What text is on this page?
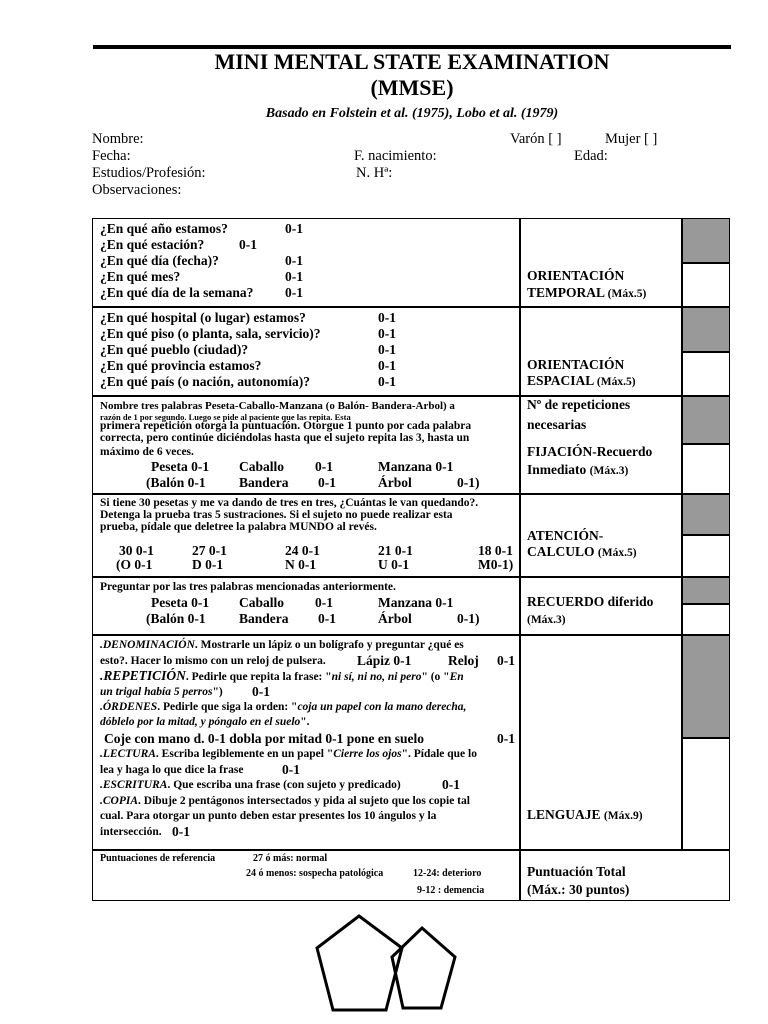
MINI MENTAL STATE EXAMINATION
(MMSE)
Basado en Folstein et al. (1975), Lobo et al. (1979)
Nombre:	Varón [ ]	Mujer [ ]
Fecha:	F. nacimiento:	Edad:
Estudios/Profesión:	N. Hª:
Observaciones:
¿En qué año estamos?	0-1
¿En qué estación?	0-1
¿En qué día (fecha)?	0-1
¿En qué mes?	0-1
¿En qué día de la semana? 0-1
ORIENTACIÓN
TEMPORAL (Máx.5)
¿En qué hospital (o lugar) estamos?	0-1
¿En qué piso (o planta, sala, servicio)?	0-1
¿En qué pueblo (ciudad)?	0-1
¿En qué provincia estamos?	0-1
¿En qué país (o nación, autonomía)?	0-1
ORIENTACIÓN
ESPACIAL (Máx.5)
Nombre tres palabras Peseta-Caballo-Manzana (o Balón- Bandera-Arbol) a
razón de 1 por segundo. Luego se pide al paciente que las repita. Esta
primera repetición otorga la puntuación. Otorgue 1 punto por cada palabra
correcta, pero continúe diciéndolas hasta que el sujeto repita las 3, hasta un
máximo de 6 veces.
Peseta 0-1 Caballo 0-1	Manzana 0-1
(Balón 0-1 Bandera 0-1	Árbol	0-1)
Nº de repeticiones
necesarias
FIJACIÓN-Recuerdo
Inmediato (Máx.3)
Si tiene 30 pesetas y me va dando de tres en tres, ¿Cuántas le van quedando?.
Detenga la prueba tras 5 sustraciones. Si el sujeto no puede realizar esta
prueba, pídale que deletree la palabra MUNDO al revés.
30 0-1	27 0-1	24 0-1	21 0-1	18 0-1
(O 0-1	D 0-1	N 0-1	U 0-1	M0-1)
ATENCIÓN-
CALCULO (Máx.5)
Preguntar por las tres palabras mencionadas anteriormente.
Peseta 0-1 Caballo 0-1	Manzana 0-1
(Balón 0-1 Bandera 0-1	Árbol	0-1)
RECUERDO diferido
(Máx.3)
.DENOMINACIÓN. Mostrarle un lápiz o un bolígrafo y preguntar ¿qué es
esto?. Hacer lo mismo con un reloj de pulsera. Lápiz 0-1	Reloj 0-1
.REPETICIÓN. Pedirle que repita la frase: "ni sí, ni no, ni pero" (o "En
un trigal había 5 perros") 0-1
.ÓRDENES. Pedirle que siga la orden: "coja un papel con la mano derecha,
dóblelo por la mitad, y póngalo en el suelo".
Coje con mano d. 0-1 dobla por mitad 0-1 pone en suelo	0-1
.LECTURA. Escriba legiblemente en un papel "Cierre los ojos". Pídale que lo
lea y haga lo que dice la frase	0-1
.ESCRITURA. Que escriba una frase (con sujeto y predicado)	0-1
.COPIA. Dibuje 2 pentágonos intersectados y pida al sujeto que los copie tal
cual. Para otorgar un punto deben estar presentes los 10 ángulos y la
intersección. 0-1
LENGUAJE (Máx.9)
Puntuaciones de referencia	27 ó más: normal
24 ó menos: sospecha patológica	12-24: deterioro
9-12 : demencia
Puntuación Total
(Máx.: 30 puntos)
